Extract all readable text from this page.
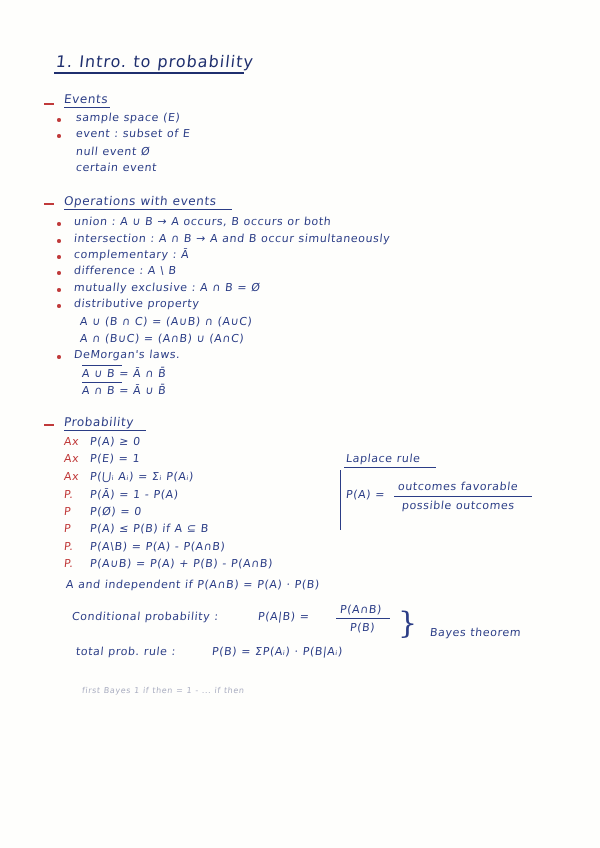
1. Intro. to probability
Events
sample space (E)
event : subset of E
null event Ø
certain event
Operations with events
union : A ∪ B → A occurs, B occurs or both
intersection : A ∩ B → A and B occur simultaneously
complementary : Ā
difference : A \ B
mutually exclusive : A ∩ B = Ø
distributive property
A ∪ (B ∩ C) = (A∪B) ∩ (A∪C)
A ∩ (B∪C) = (A∩B) ∪ (A∩C)
DeMorgan's laws.
A ∪ B = Ā ∩ B̄
A ∩ B = Ā ∪ B̄
Probability
Ax P(A) ≥ 0
Ax P(E) = 1
Ax P(⋃ᵢ Aᵢ) = Σᵢ P(Aᵢ)
P. P(Ā) = 1 - P(A)
P P(Ø) = 0
P P(A) ≤ P(B) if A ⊆ B
P. P(A\B) = P(A) - P(A∩B)
P. P(A∪B) = P(A) + P(B) - P(A∩B)
A and independent if P(A∩B) = P(A) · P(B)
Laplace rule
P(A) =
outcomes favorable
possible outcomes
Conditional probability :	P(A|B) =
P(A∩B)
P(B)
total prob. rule :	P(B) = ΣP(Aᵢ) · P(B|Aᵢ)
} Bayes theorem
first Bayes 1 if then = 1 - ... if then
